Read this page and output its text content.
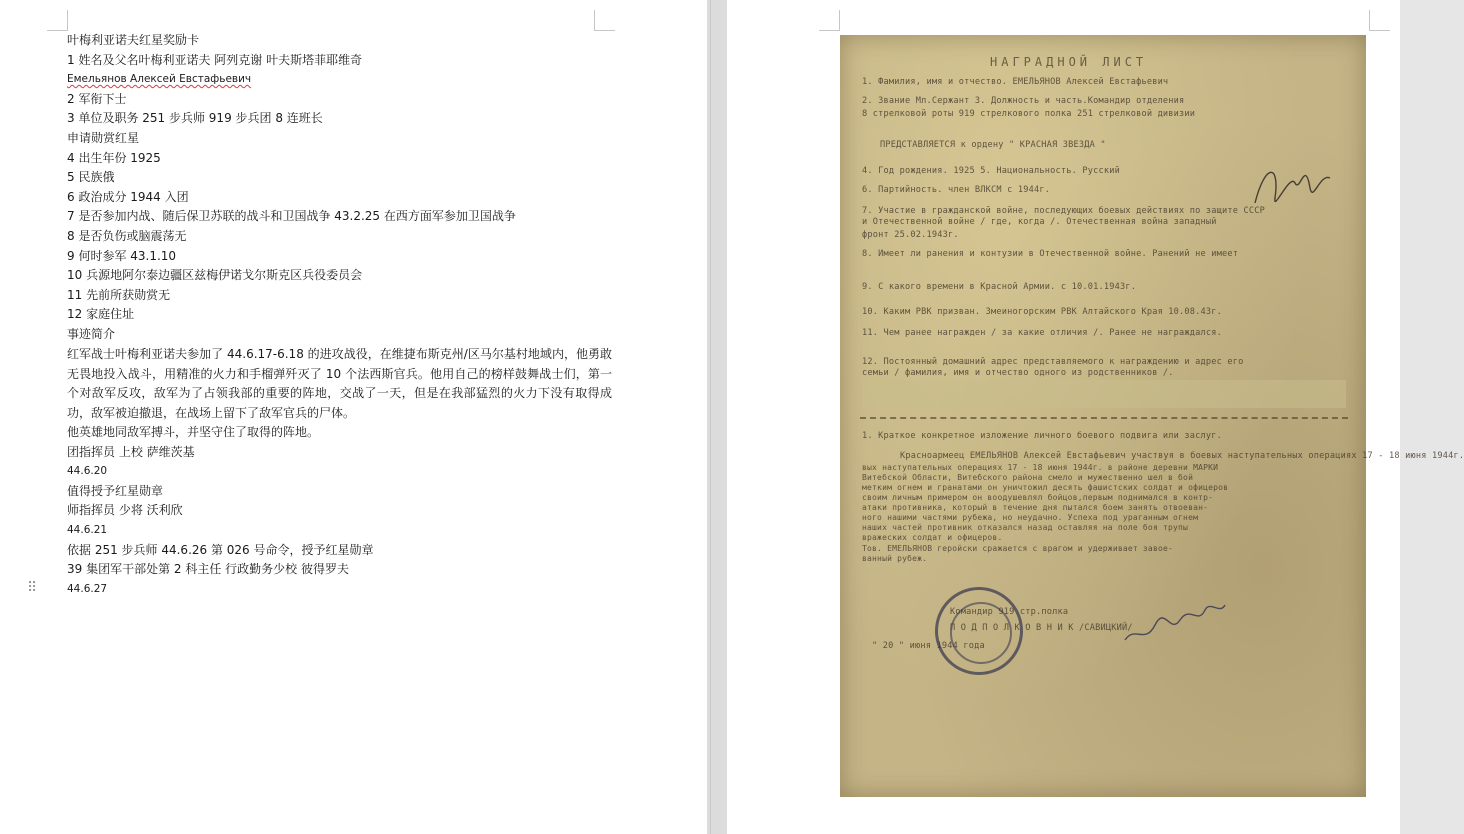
叶梅利亚诺夫红星奖励卡
1 姓名及父名叶梅利亚诺夫 阿列克谢 叶夫斯塔菲耶维奇
Емельянов Алексей Евстафьевич
2 军衔下士
3 单位及职务 251 步兵师 919 步兵团 8 连班长
申请勋赏红星
4 出生年份 1925
5 民族俄
6 政治成分 1944 入团
7 是否参加内战、随后保卫苏联的战斗和卫国战争 43.2.25 在西方面军参加卫国战争
8 是否负伤或脑震荡无
9 何时参军 43.1.10
10 兵源地阿尔泰边疆区兹梅伊诺戈尔斯克区兵役委员会
11 先前所获勋赏无
12 家庭住址
事迹简介

红军战士叶梅利亚诺夫参加了 44.6.17-6.18 的进攻战役，在维捷布斯克州/区马尔基村地域内，他勇敢无畏地投入战斗，用精准的火力和手榴弹歼灭了 10 个法西斯官兵。他用自己的榜样鼓舞战士们，第一个对敌军反攻，敌军为了占领我部的重要的阵地，交战了一天，但是在我部猛烈的火力下没有取得成功，敌军被迫撤退，在战场上留下了敌军官兵的尸体。

他英雄地同敌军搏斗，并坚守住了取得的阵地。
团指挥员 上校 萨维茨基
44.6.20
值得授予红星勋章
师指挥员 少将 沃利欣
44.6.21
依据 251 步兵师 44.6.26 第 026 号命令，授予红星勋章
39 集团军干部处第 2 科主任 行政勤务少校 彼得罗夫
44.6.27
⠿
НАГРАДНОЙ ЛИСТ
1. Фамилия, имя и отчество. ЕМЕЛЬЯНОВ Алексей Евстафьевич
2. Звание Мл.Сержант 3. Должность и часть.Командир отделения
8 стрелковой роты 919 стрелкового полка 251 стрелковой дивизии
ПРЕДСТАВЛЯЕТСЯ к ордену " КРАСНАЯ ЗВЕЗДА "
4. Год рождения. 1925 5. Национальность. Русский
6. Партийность. член ВЛКСМ с 1944г.
7. Участие в гражданской войне, последующих боевых действиях по защите СССР
и Отечественной войне / где, когда /. Отечественная война западный
фронт 25.02.1943г.
8. Имеет ли ранения и контузии в Отечественной войне. Ранений не имеет
9. С какого времени в Красной Армии. с 10.01.1943г.
10. Каким РВК призван. Змеиногорским РВК Алтайского Края 10.08.43г.
11. Чем ранее награжден / за какие отличия /. Ранее не награждался.
12. Постоянный домашний адрес представляемого к награждению и адрес его
семьи / фамилия, имя и отчество одного из родственников /.
1. Краткое конкретное изложение личного боевого подвига или заслуг.
Красноармеец ЕМЕЛЬЯНОВ Алексей Евстафьевич участвуя в боевых наступательных операциях 17 - 18 июня 1944г.
вых наступательных операциях 17 - 18 июня 1944г. в районе деревни МАРКИ
Витебской Области, Витебского района смело и мужественно шел в бой
метким огнем и гранатами он уничтожил десять фашистских солдат и офицеров
своим личным примером он воодушевлял бойцов,первым поднимался в контр-
атаки противника, который в течение дня пытался боем занять отвоеван-
ного нашими частями рубежа, но неудачно. Успеха под ураганным огнем
наших частей противник отказался назад оставляя на поле боя трупы
вражеских солдат и офицеров.
Тов. ЕМЕЛЬЯНОВ геройски сражается с врагом и удерживает завое-
ванный рубеж.
Командир 919 стр.полка
П О Д П О Л К О В Н И К /САВИЦКИЙ/
" 20 " июня 1944 года
